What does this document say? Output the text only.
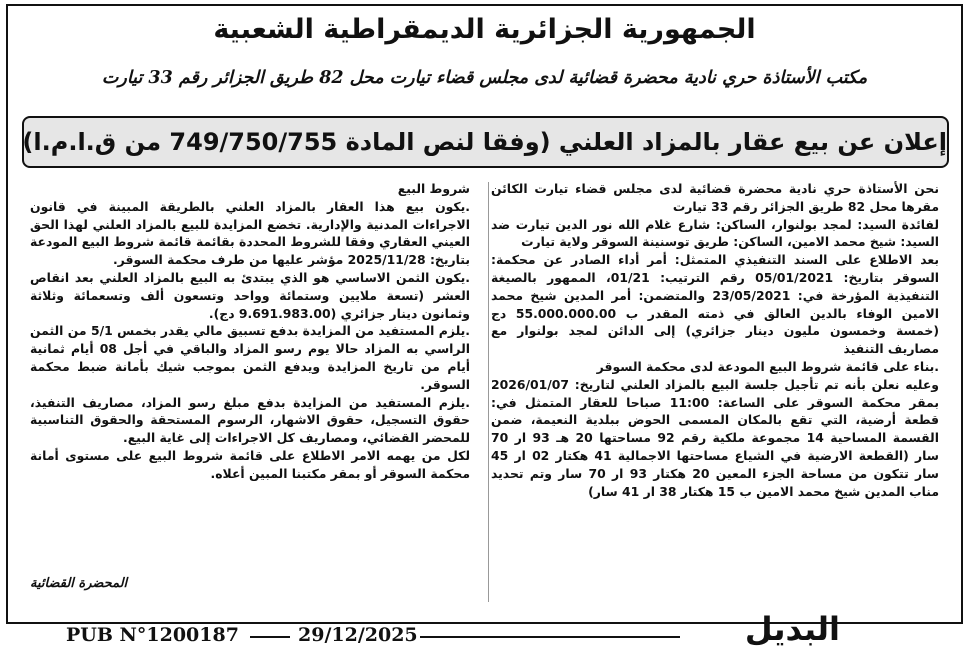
الجمهورية الجزائرية الديمقراطية الشعبية
مكتب الأستاذة حري نادية محضرة قضائية لدى مجلس قضاء تيارت محل 82 طريق الجزائر رقم 33 تيارت
إعلان عن بيع عقار بالمزاد العلني (وفقا لنص المادة 749/750/755 من ق.ا.م.ا)

نحن الأستاذة حري نادية محضرة قضائية لدى مجلس قضاء تيارت الكائن مقرها محل 82 طريق الجزائر رقم 33 تيارت

لفائدة السيد: لمجد بولنوار، الساكن: شارع غلام الله نور الدين تيارت ضد السيد: شيخ محمد الامين، الساكن: طريق توسنينة السوقر ولاية تيارت

بعد الاطلاع على السند التنفيذي المتمثل: أمر أداء الصادر عن محكمة: السوقر بتاريخ: 05/01/2021 رقم الترتيب: 01/21، الممهور بالصيغة التنفيذية المؤرخة في: 23/05/2021 والمتضمن: أمر المدين شيخ محمد الامين الوفاء بالدين العالق في ذمته المقدر ب 55.000.000.00 دج (خمسة وخمسون مليون دينار جزائري) إلى الدائن لمجد بولنوار مع مصاريف التنفيذ

.بناء على قائمة شروط البيع المودعة لدى محكمة السوقر

وعليه نعلن بأنه تم تأجيل جلسة البيع بالمزاد العلني لتاريخ: 2026/01/07 بمقر محكمة السوقر على الساعة: 11:00 صباحا للعقار المتمثل في: قطعة أرضية، التي تقع بالمكان المسمى الحوض ببلدية النعيمة، ضمن القسمة المساحية 14 مجموعة ملكية رقم 92 مساحتها 20 هـ 93 ار 70 سار (القطعة الارضية في الشياع مساحتها الاجمالية 41 هكتار 02 ار 45 سار تتكون من مساحة الجزء المعين 20 هكتار 93 ار 70 سار وتم تحديد مناب المدين شيخ محمد الامين ب 15 هكتار 38 ار 41 سار)

شروط البيع

.يكون بيع هذا العقار بالمزاد العلني بالطريقة المبينة في قانون الاجراءات المدنية والإدارية. تخضع المزايدة للبيع بالمزاد العلني لهذا الحق العيني العقاري وفقا للشروط المحددة بقائمة قائمة شروط البيع المودعة بتاريخ: 2025/11/28 مؤشر عليها من طرف محكمة السوقر.

.يكون الثمن الاساسي هو الذي يبتدئ به البيع بالمزاد العلني بعد انقاص العشر (تسعة ملايين وستمائة وواحد وتسعون ألف وتسعمائة وثلاثة وثمانون دينار جزائري (9.691.983.00 دج).

.يلزم المستفيد من المزايدة بدفع تسبيق مالي يقدر بخمس 5/1 من الثمن الراسي به المزاد حالا يوم رسو المزاد والباقي في أجل 08 أيام ثمانية أيام من تاريخ المزايدة ويدفع الثمن بموجب شيك بأمانة ضبط محكمة السوقر.

.يلزم المستفيد من المزايدة بدفع مبلغ رسو المزاد، مصاريف التنفيذ، حقوق التسجيل، حقوق الاشهار، الرسوم المستحقة والحقوق التناسبية للمحضر القضائي، ومصاريف كل الاجراءات إلى غاية البيع.

لكل من يهمه الامر الاطلاع على قائمة شروط البيع على مستوى أمانة محكمة السوقر أو بمقر مكتبنا المبين أعلاه.

المحضرة القضائية
PUB N°1200187	29/12/2025	البديل
